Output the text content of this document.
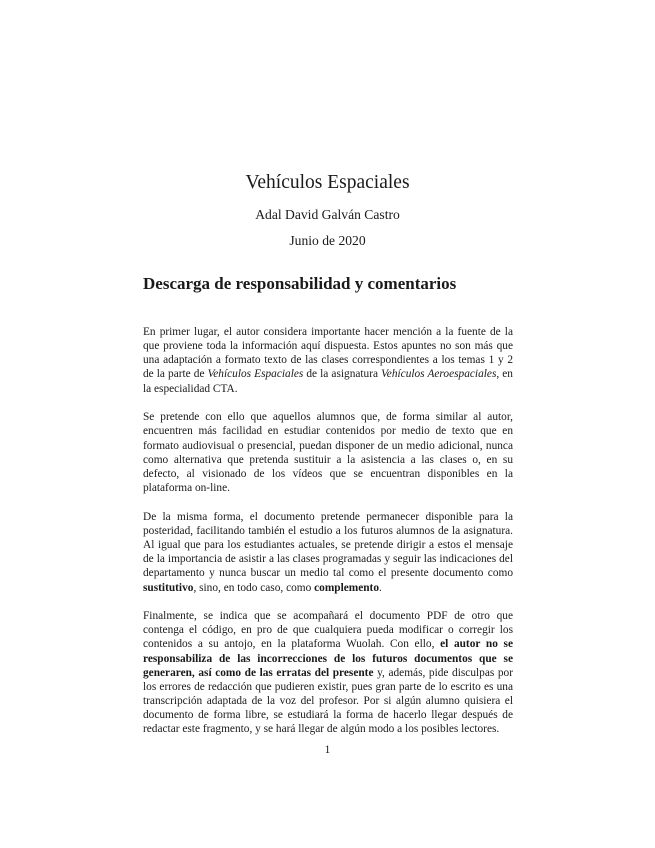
Vehículos Espaciales
Adal David Galván Castro
Junio de 2020
Descarga de responsabilidad y comentarios

En primer lugar, el autor considera importante hacer mención a la fuente de la que proviene toda la información aquí dispuesta. Estos apuntes no son más que una adaptación a formato texto de las clases correspondientes a los temas 1 y 2 de la parte de Vehículos Espaciales de la asignatura Vehículos Aeroespaciales, en la especialidad CTA.

Se pretende con ello que aquellos alumnos que, de forma similar al autor, encuentren más facilidad en estudiar contenidos por medio de texto que en formato audiovisual o presencial, puedan disponer de un medio adicional, nunca como alternativa que pretenda sustituir a la asistencia a las clases o, en su defecto, al visionado de los vídeos que se encuentran disponibles en la plataforma on-line.

De la misma forma, el documento pretende permanecer disponible para la posteridad, facilitando también el estudio a los futuros alumnos de la asignatura. Al igual que para los estudiantes actuales, se pretende dirigir a estos el mensaje de la importancia de asistir a las clases programadas y seguir las indicaciones del departamento y nunca buscar un medio tal como el presente documento como sustitutivo, sino, en todo caso, como complemento.

Finalmente, se indica que se acompañará el documento PDF de otro que contenga el código, en pro de que cualquiera pueda modificar o corregir los contenidos a su antojo, en la plataforma Wuolah. Con ello, el autor no se responsabiliza de las incorrecciones de los futuros documentos que se generaren, así como de las erratas del presente y, además, pide disculpas por los errores de redacción que pudieren existir, pues gran parte de lo escrito es una transcripción adaptada de la voz del profesor. Por si algún alumno quisiera el documento de forma libre, se estudiará la forma de hacerlo llegar después de redactar este fragmento, y se hará llegar de algún modo a los posibles lectores.

1
